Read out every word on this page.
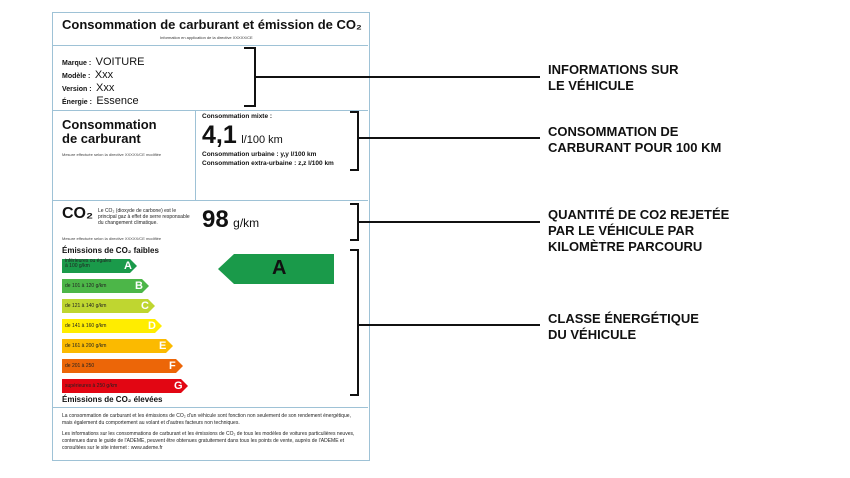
Consommation de carburant et émission de CO₂
Information en application de la directive XXXXX/CE
Marque : VOITURE
Modèle : Xxx
Version : Xxx
Énergie : Essence
Consommation
de carburant
Mesure effectuée selon la directive XXXXX/CE modifiée
Consommation mixte :
4,1 l/100 km
Consommation urbaine : y,y l/100 km
Consommation extra-urbaine : z,z l/100 km
CO₂ Le CO₂ (dioxyde de carbone) est le principal gaz à effet de serre responsable du changement climatique.
Mesure effectuée selon la directive XXXXX/CE modifiée
98 g/km
Émissions de CO₂ faibles
inférieures ou égales à 100 g/km	A
de 101 à 120 g/km	B
de 121 à 140 g/km	C
de 141 à 160 g/km	D
de 161 à 200 g/km	E
de 201 à 250	F
supérieures à 250 g/km	G
Émissions de CO₂ élevées
A
La consommation de carburant et les émissions de CO₂ d'un véhicule sont fonction non seulement de son rendement énergétique, mais également du comportement au volant et d'autres facteurs non techniques.
Les informations sur les consommations de carburant et les émissions de CO₂ de tous les modèles de voitures particulières neuves, contenues dans le guide de l'ADEME, peuvent être obtenues gratuitement dans tous les points de vente, auprès de l'ADEME et consultées sur le site internet : www.ademe.fr
INFORMATIONS SUR
LE VÉHICULE
CONSOMMATION DE
CARBURANT POUR 100 KM
QUANTITÉ DE CO2 REJETÉE
PAR LE VÉHICULE PAR
KILOMÈTRE PARCOURU
CLASSE ÉNERGÉTIQUE
DU VÉHICULE
